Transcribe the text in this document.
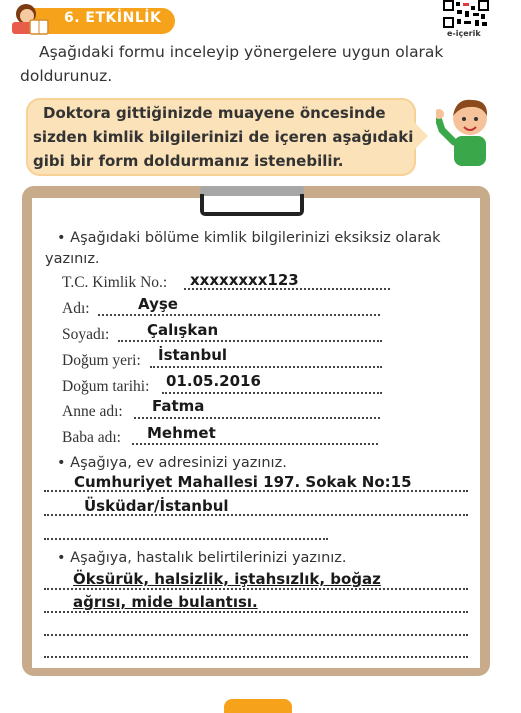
6. ETKİNLİK
e-içerik

Aşağıdaki formu inceleyip yönergelere uygun olarak doldurunuz.

Doktora gittiğinizde muayene öncesinde sizden kimlik bilgilerinizi de içeren aşağıdaki gibi bir form doldurmanız istenebilir.

• Aşağıdaki bölüme kimlik bilgilerinizi eksiksiz olarak yazınız.

T.C. Kimlik No.: xxxxxxxx123
Adı:	Ayşe
Soyadı:	Çalışkan
Doğum yeri: İstanbul
Doğum tarihi: 01.05.2016
Anne adı: Fatma
Baba adı: Mehmet

• Aşağıya, ev adresinizi yazınız.

Cumhuriyet Mahallesi 197. Sokak No:15
Üsküdar/İstanbul

• Aşağıya, hastalık belirtilerinizi yazınız.

Öksürük, halsizlik, iştahsızlık, boğaz
ağrısı, mide bulantısı.
